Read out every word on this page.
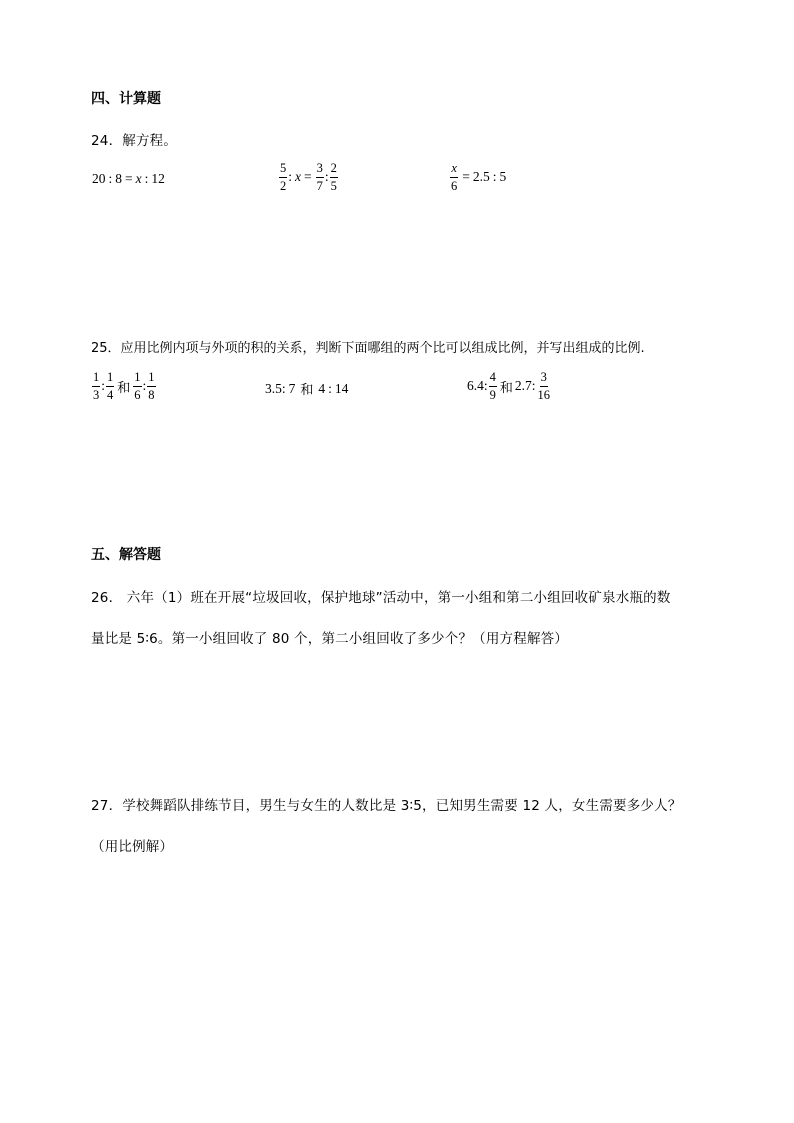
四、计算题
24．解方程。
20 : 8 = x : 12	$\frac{5}{2}$ : $x = \frac{3}{7}$ : $\frac{2}{5}$	$\frac{x}{6} = 2.5$ : 5
25．应用比例内项与外项的积的关系，判断下面哪组的两个比可以组成比例，并写出组成的比例.
$\frac{1}{3}$ : $\frac{1}{4}$ 和 $\frac{1}{6}$ : $\frac{1}{8}$	3.5 : 7 和 4 : 14	6.4 : $\frac{4}{9}$ 和 2.7 : $\frac{3}{16}$
五、解答题
26． 六年（1）班在开展“垃圾回收，保护地球”活动中，第一小组和第二小组回收矿泉水瓶的数
量比是 5∶6。第一小组回收了 80 个，第二小组回收了多少个？（用方程解答）
27．学校舞蹈队排练节目，男生与女生的人数比是 3∶5，已知男生需要 12 人，女生需要多少人？
（用比例解）
